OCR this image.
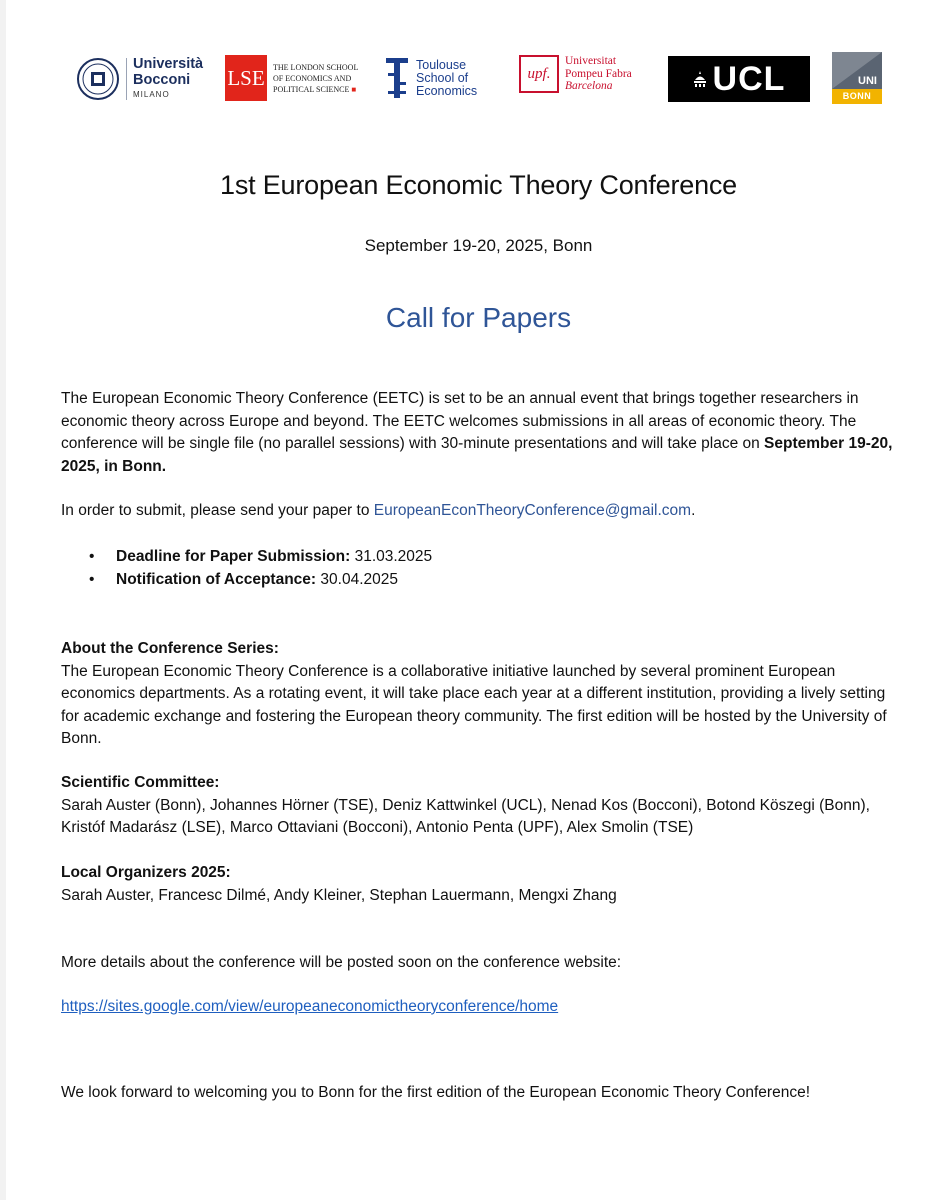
Università
Bocconi
MILANO
LSE THE LONDON SCHOOL
OF ECONOMICS AND
POLITICAL SCIENCE ■
Toulouse
School of
Economics
upf.
Universitat
Pompeu Fabra
Barcelona	UCL	UNI
BONN
1st European Economic Theory Conference
September 19-20, 2025, Bonn
Call for Papers
The European Economic Theory Conference (EETC) is set to be an annual event that brings together researchers in economic theory across Europe and beyond. The EETC welcomes submissions in all areas of economic theory. The conference will be single file (no parallel sessions) with 30-minute presentations and will take place on September 19-20, 2025, in Bonn.
In order to submit, please send your paper to EuropeanEconTheoryConference@gmail.com.
• Deadline for Paper Submission: 31.03.2025
• Notification of Acceptance: 30.04.2025
About the Conference Series:
The European Economic Theory Conference is a collaborative initiative launched by several prominent European economics departments. As a rotating event, it will take place each year at a different institution, providing a lively setting for academic exchange and fostering the European theory community. The first edition will be hosted by the University of Bonn.
Scientific Committee:
Sarah Auster (Bonn), Johannes Hörner (TSE), Deniz Kattwinkel (UCL), Nenad Kos (Bocconi), Botond Köszegi (Bonn), Kristóf Madarász (LSE), Marco Ottaviani (Bocconi), Antonio Penta (UPF), Alex Smolin (TSE)
Local Organizers 2025:
Sarah Auster, Francesc Dilmé, Andy Kleiner, Stephan Lauermann, Mengxi Zhang
More details about the conference will be posted soon on the conference website:
https://sites.google.com/view/europeaneconomictheoryconference/home
We look forward to welcoming you to Bonn for the first edition of the European Economic Theory Conference!
